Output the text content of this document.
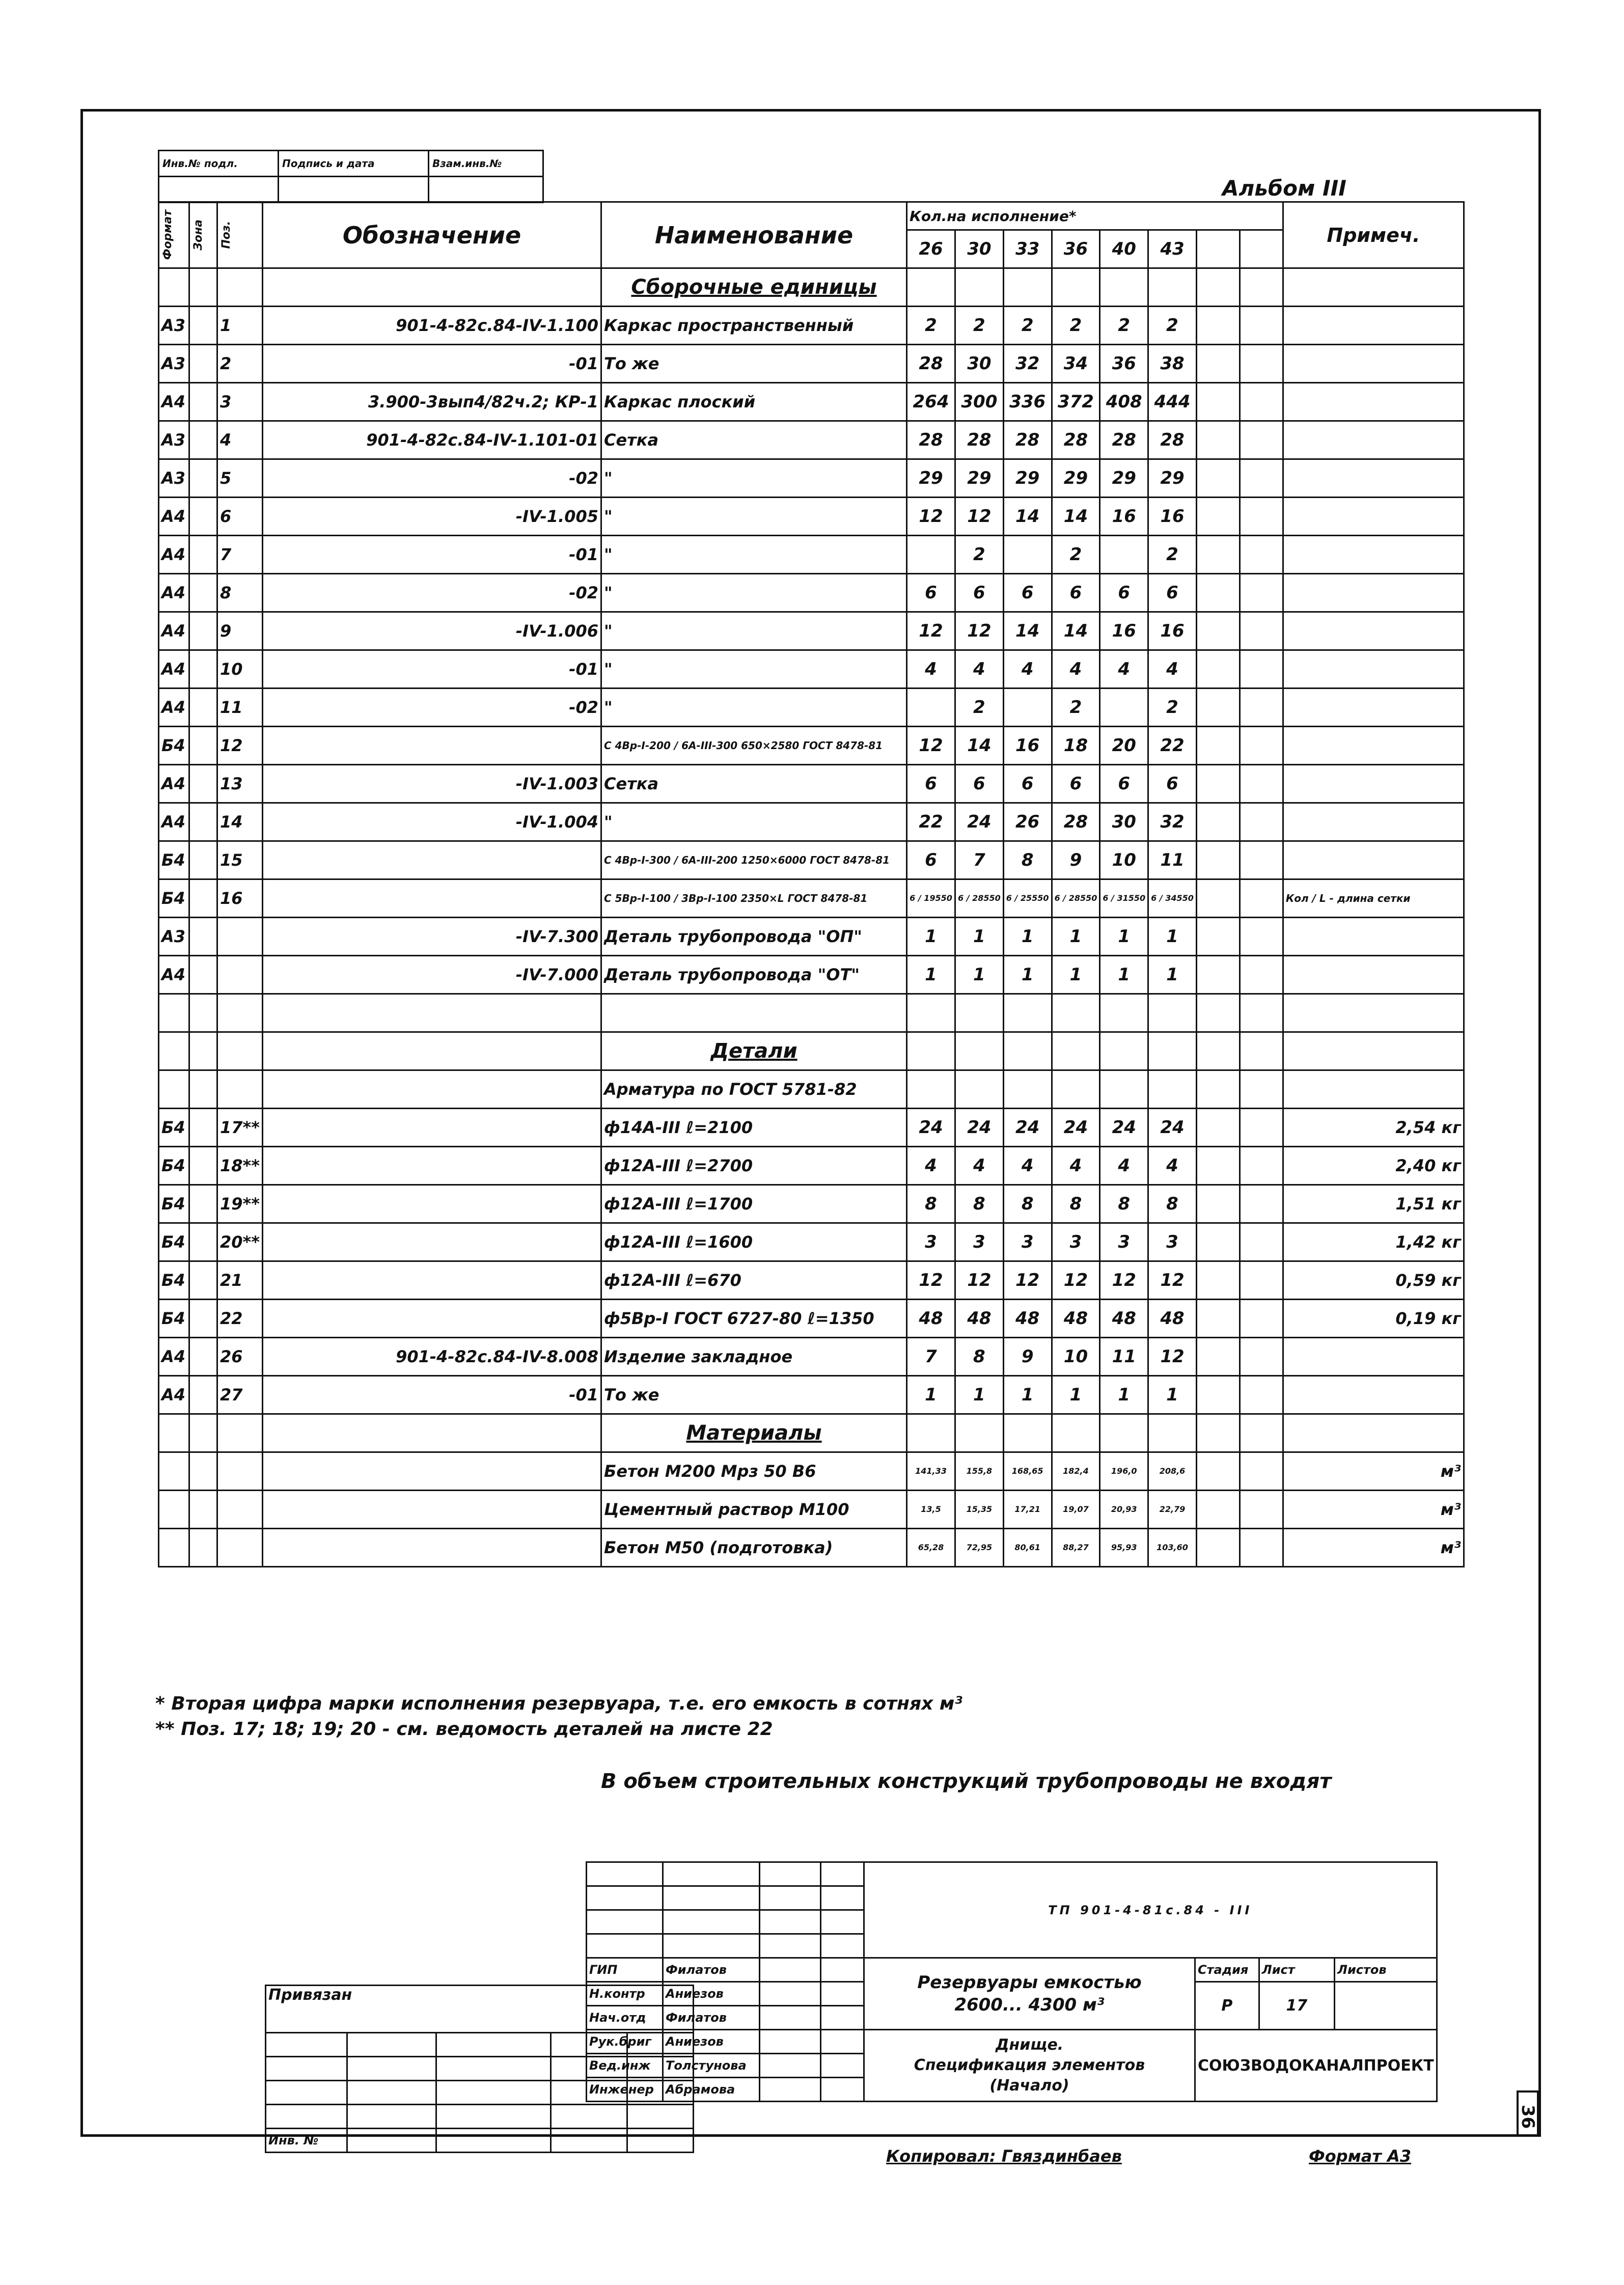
Инв.№ подл.	Подпись и дата	Взам.инв.№

Альбом III
Формат	Зона	Поз.	Обозначение	Наименование	Кол.на исполнение*								Примеч.
					26	30	33	36	40	43			
				Сборочные единицы									
А3		1	901-4-82с.84-IV-1.100	Каркас пространственный	2	2	2	2	2	2			
А3		2	-01	То же	28	30	32	34	36	38			
А4		3	3.900-3вып4/82ч.2; КР-1	Каркас плоский	264	300	336	372	408	444			
А3		4	901-4-82с.84-IV-1.101-01	Сетка	28	28	28	28	28	28			
А3		5	-02	"	29	29	29	29	29	29			
А4		6	-IV-1.005	"	12	12	14	14	16	16			
А4		7	-01	"		2		2		2			
А4		8	-02	"	6	6	6	6	6	6			
А4		9	-IV-1.006	"	12	12	14	14	16	16			
А4		10	-01	"	4	4	4	4	4	4			
А4		11	-02	"		2		2		2			
Б4		12		С 4Вр-I-200 / 6А-III-300 650×2580 ГОСТ 8478-81	12	14	16	18	20	22			
А4		13	-IV-1.003	Сетка	6	6	6	6	6	6			
А4		14	-IV-1.004	"	22	24	26	28	30	32			
Б4		15		С 4Вр-I-300 / 6А-III-200 1250×6000 ГОСТ 8478-81	6	7	8	9	10	11			
Б4		16		С 5Вр-I-100 / 3Вр-I-100 2350×L ГОСТ 8478-81	6 / 19550	6 / 28550	6 / 25550	6 / 28550	6 / 31550	6 / 34550			Кол / L - длина сетки
А3			-IV-7.300	Деталь трубопровода "ОП"	1	1	1	1	1	1			
А4			-IV-7.000	Деталь трубопровода "ОТ"	1	1	1	1	1	1			

				Детали									
				Арматура по ГОСТ 5781-82									
Б4		17**		ф14А-III ℓ=2100	24	24	24	24	24	24			2,54 кг
Б4		18**		ф12А-III ℓ=2700	4	4	4	4	4	4			2,40 кг
Б4		19**		ф12А-III ℓ=1700	8	8	8	8	8	8			1,51 кг
Б4		20**		ф12А-III ℓ=1600	3	3	3	3	3	3			1,42 кг
Б4		21		ф12А-III ℓ=670	12	12	12	12	12	12			0,59 кг
Б4		22		ф5Вр-I ГОСТ 6727-80 ℓ=1350	48	48	48	48	48	48			0,19 кг
А4		26	901-4-82с.84-IV-8.008	Изделие закладное	7	8	9	10	11	12			
А4		27	-01	То же	1	1	1	1	1	1			
				Материалы									
				Бетон М200 Мрз 50 В6	141,33	155,8	168,65	182,4	196,0	208,6			м³
				Цементный раствор М100	13,5	15,35	17,21	19,07	20,93	22,79			м³
				Бетон М50 (подготовка)	65,28	72,95	80,61	88,27	95,93	103,60			м³
* Вторая цифра марки исполнения резервуара, т.е. его емкость в сотнях м³
** Поз. 17; 18; 19; 20 - см. ведомость деталей на листе 22
В объем строительных конструкций трубопроводы не входят
				ТП 901-4-81с.84 - III			

ГИП	Филатов			Резервуары емкостью
2600... 4300 м³	Стадия	Лист	Листов
Н.контр	Аниезов				Р	17	
Нач.отд	Филатов						
Рук.бриг	Аниезов			Днище.
Спецификация элементов
(Начало)	СОЮЗВОДОКАНАЛПРОЕКТ		
Вед.инж	Толстунова						
Инженер	Абрамова						
Привязан				

Инв. №				
36
Копировал: Гвяздинбаев	Формат А3
